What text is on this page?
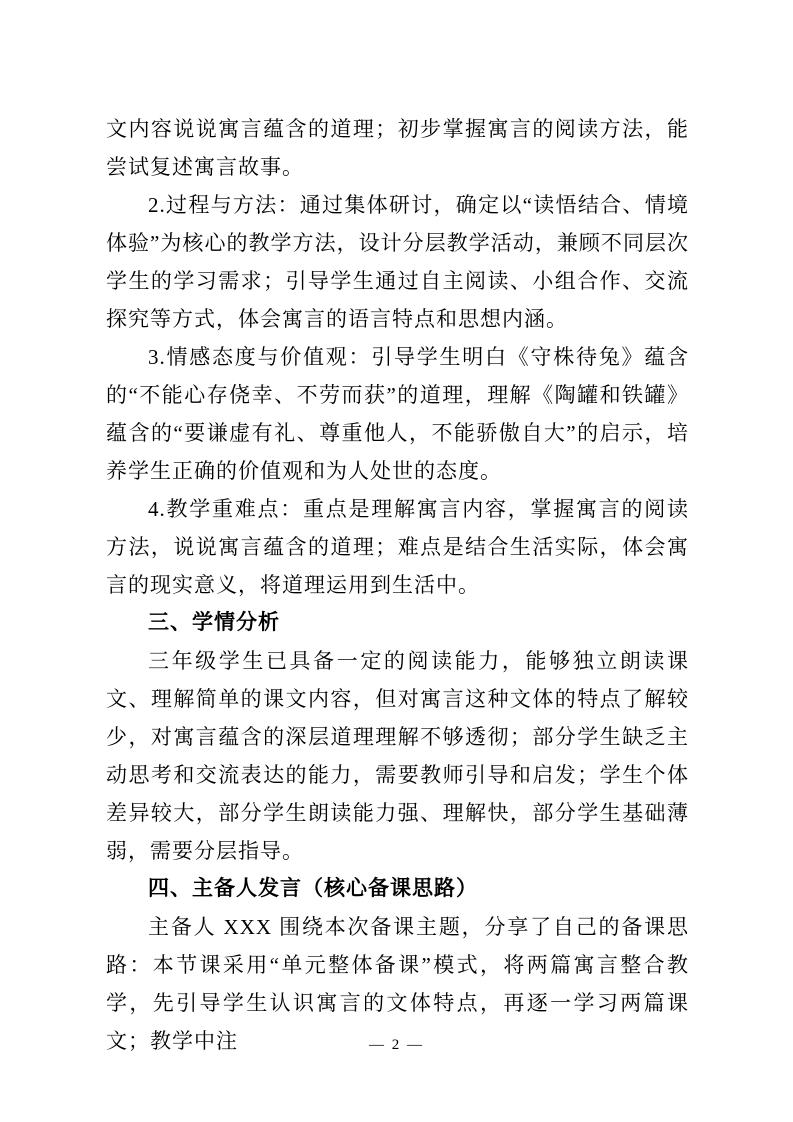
文内容说说寓言蕴含的道理；初步掌握寓言的阅读方法，能尝试复述寓言故事。

2.过程与方法：通过集体研讨，确定以“读悟结合、情境体验”为核心的教学方法，设计分层教学活动，兼顾不同层次学生的学习需求；引导学生通过自主阅读、小组合作、交流探究等方式，体会寓言的语言特点和思想内涵。

3.情感态度与价值观：引导学生明白《守株待兔》蕴含的“不能心存侥幸、不劳而获”的道理，理解《陶罐和铁罐》蕴含的“要谦虚有礼、尊重他人，不能骄傲自大”的启示，培养学生正确的价值观和为人处世的态度。

4.教学重难点：重点是理解寓言内容，掌握寓言的阅读方法，说说寓言蕴含的道理；难点是结合生活实际，体会寓言的现实意义，将道理运用到生活中。

三、学情分析

三年级学生已具备一定的阅读能力，能够独立朗读课文、理解简单的课文内容，但对寓言这种文体的特点了解较少，对寓言蕴含的深层道理理解不够透彻；部分学生缺乏主动思考和交流表达的能力，需要教师引导和启发；学生个体差异较大，部分学生朗读能力强、理解快，部分学生基础薄弱，需要分层指导。

四、主备人发言（核心备课思路）

主备人 XXX 围绕本次备课主题，分享了自己的备课思路：本节课采用“单元整体备课”模式，将两篇寓言整合教学，先引导学生认识寓言的文体特点，再逐一学习两篇课文；教学中注	— 2 —
